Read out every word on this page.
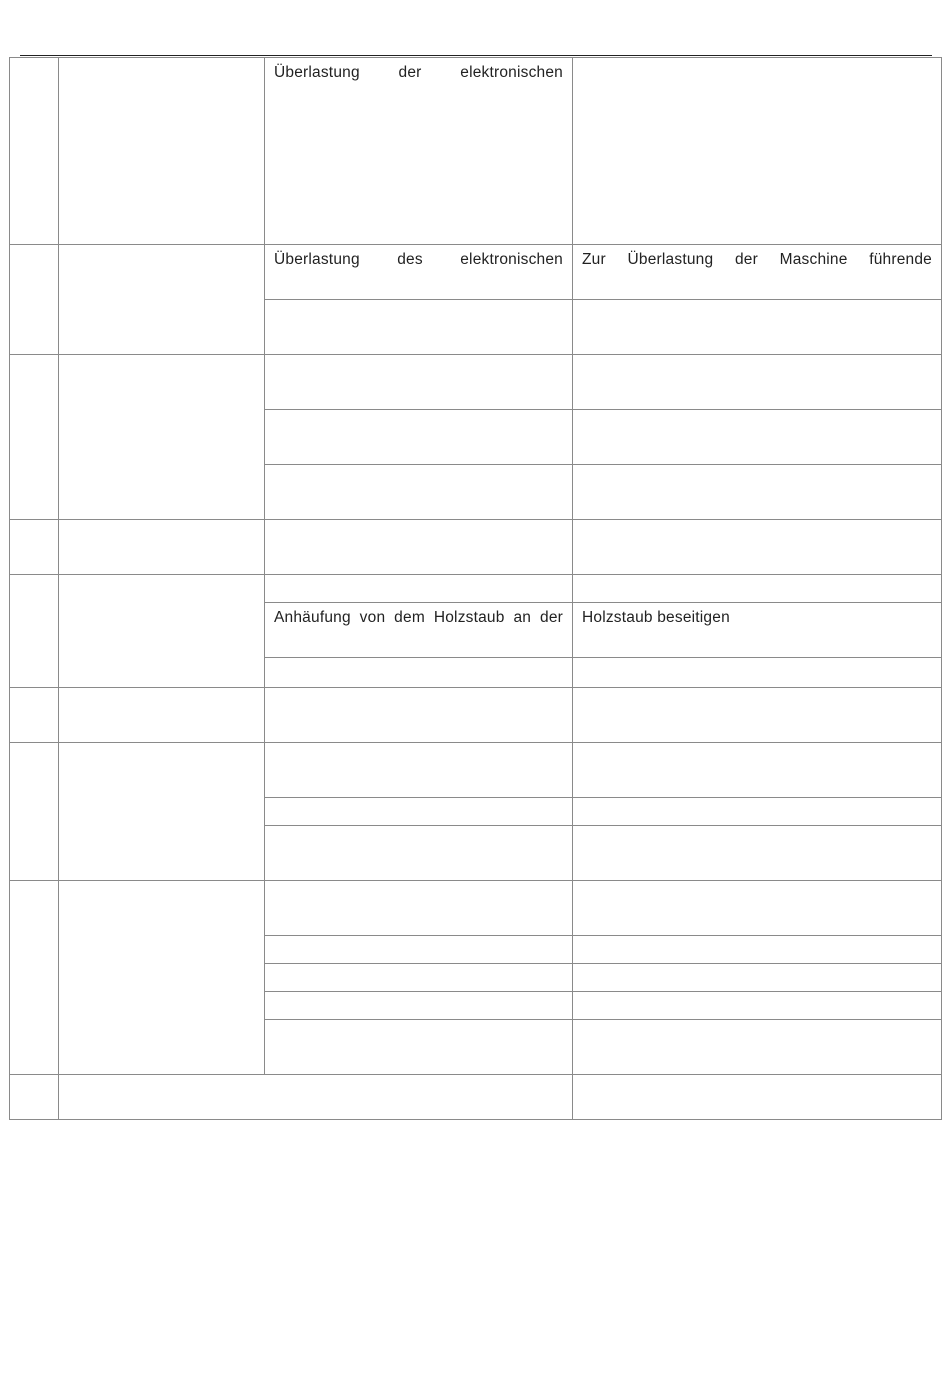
		Überlastung der elektronischen	

		Überlastung des elektronischen	Zur Überlastung der Maschine führende

		Anhäufung von dem Holzstaub an der	Holzstaub beseitigen
